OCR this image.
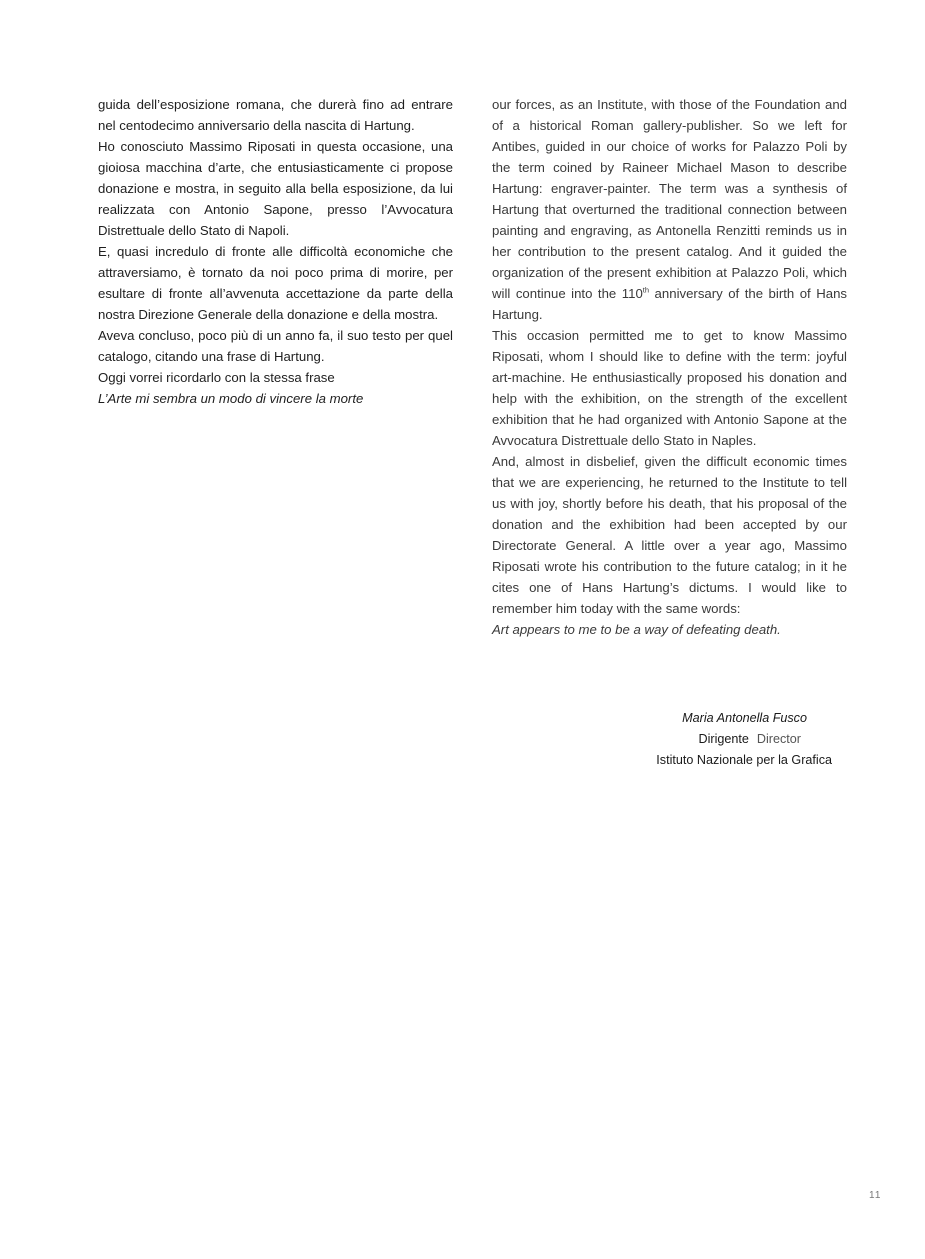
guida dell’esposizione romana, che durerà fino ad entrare nel centodecimo anniversario della nascita di Hartung.

Ho conosciuto Massimo Riposati in questa occasione, una gioiosa macchina d’arte, che entusiasticamente ci propose donazione e mostra, in seguito alla bella esposizione, da lui realizzata con Antonio Sapone, presso l’Avvocatura Distrettuale dello Stato di Napoli.

E, quasi incredulo di fronte alle difficoltà economiche che attraversiamo, è tornato da noi poco prima di morire, per esultare di fronte all’avvenuta accettazione da parte della nostra Direzione Generale della donazione e della mostra.

Aveva concluso, poco più di un anno fa, il suo testo per quel catalogo, citando una frase di Hartung.

Oggi vorrei ricordarlo con la stessa frase

L’Arte mi sembra un modo di vincere la morte

our forces, as an Institute, with those of the Foundation and of a historical Roman gallery-publisher. So we left for Antibes, guided in our choice of works for Palazzo Poli by the term coined by Raineer Michael Mason to describe Hartung: engraver-painter. The term was a synthesis of Hartung that overturned the traditional connection between painting and engraving, as Antonella Renzitti reminds us in her contribution to the present catalog. And it guided the organization of the present exhibition at Palazzo Poli, which will continue into the 110th anniversary of the birth of Hans Hartung.

This occasion permitted me to get to know Massimo Riposati, whom I should like to define with the term: joyful art-machine. He enthusiastically proposed his donation and help with the exhibition, on the strength of the excellent exhibition that he had organized with Antonio Sapone at the Avvocatura Distrettuale dello Stato in Naples.

And, almost in disbelief, given the difficult economic times that we are experiencing, he returned to the Institute to tell us with joy, shortly before his death, that his proposal of the donation and the exhibition had been accepted by our Directorate General. A little over a year ago, Massimo Riposati wrote his contribution to the future catalog; in it he cites one of Hans Hartung’s dictums. I would like to remember him today with the same words:

Art appears to me to be a way of defeating death.

Maria Antonella Fusco
Dirigente Director
Istituto Nazionale per la Grafica
11
